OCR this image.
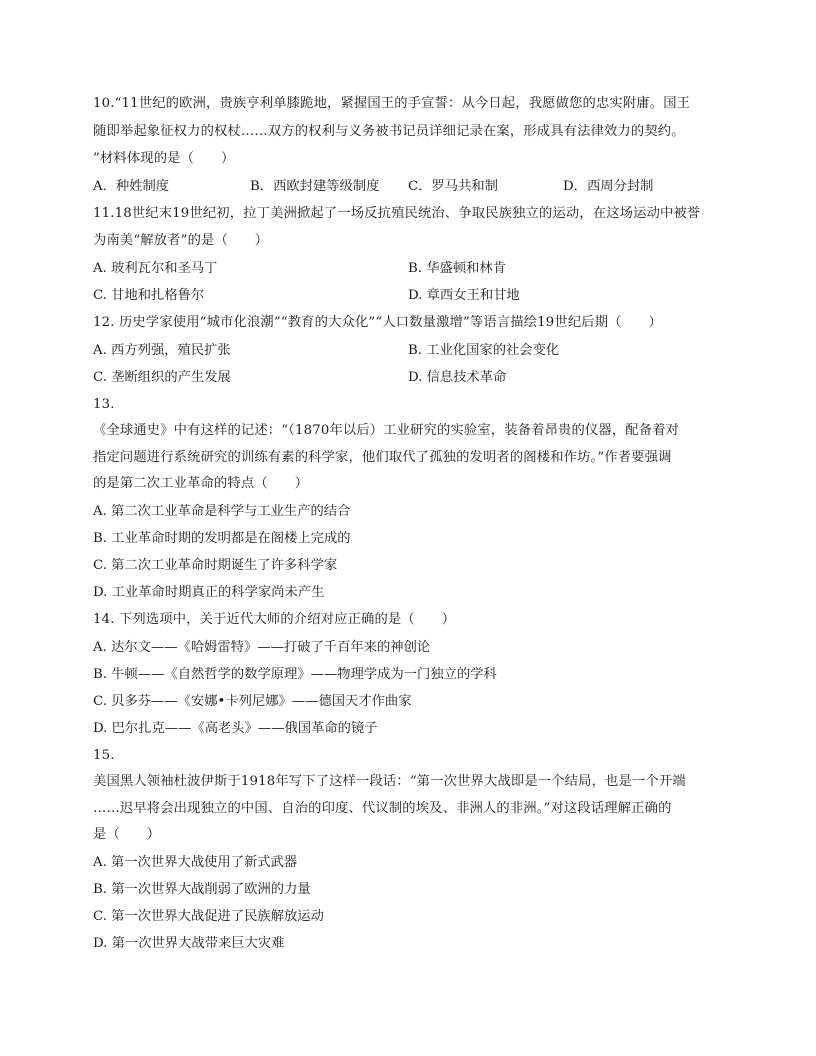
10.“11世纪的欧洲，贵族亨利单膝跪地，紧握国王的手宣誓：从今日起，我愿做您的忠实附庸。国王
随即举起象征权力的权杖……双方的权利与义务被书记员详细记录在案，形成具有法律效力的契约。
”材料体现的是（　　）
A．种姓制度	B．西欧封建等级制度 C．罗马共和制	D．西周分封制
11.18世纪末19世纪初，拉丁美洲掀起了一场反抗殖民统治、争取民族独立的运动，在这场运动中被誉
为南美“解放者”的是（　　）
A. 玻利瓦尔和圣马丁	B. 华盛顿和林肯
C. 甘地和扎格鲁尔	D. 章西女王和甘地
12. 历史学家使用“城市化浪潮”“教育的大众化”“人口数量激增”等语言描绘19世纪后期（　　）
A. 西方列强，殖民扩张	B. 工业化国家的社会变化
C. 垄断组织的产生发展	D. 信息技术革命
13.
《全球通史》中有这样的记述：“（1870年以后）工业研究的实验室，装备着昂贵的仪器，配备着对
指定问题进行系统研究的训练有素的科学家，他们取代了孤独的发明者的阁楼和作坊。”作者要强调
的是第二次工业革命的特点（　　）
A. 第二次工业革命是科学与工业生产的结合
B. 工业革命时期的发明都是在阁楼上完成的
C. 第二次工业革命时期诞生了许多科学家
D. 工业革命时期真正的科学家尚未产生
14. 下列选项中，关于近代大师的介绍对应正确的是（　　）
A. 达尔文——《哈姆雷特》——打破了千百年来的神创论
B. 牛顿——《自然哲学的数学原理》——物理学成为一门独立的学科
C. 贝多芬——《安娜•卡列尼娜》——德国天才作曲家
D. 巴尔扎克——《高老头》——俄国革命的镜子
15.
美国黑人领袖杜波伊斯于1918年写下了这样一段话：“第一次世界大战即是一个结局，也是一个开端
……迟早将会出现独立的中国、自治的印度、代议制的埃及、非洲人的非洲。”对这段话理解正确的
是（　　）
A. 第一次世界大战使用了新式武器
B. 第一次世界大战削弱了欧洲的力量
C. 第一次世界大战促进了民族解放运动
D. 第一次世界大战带来巨大灾难
